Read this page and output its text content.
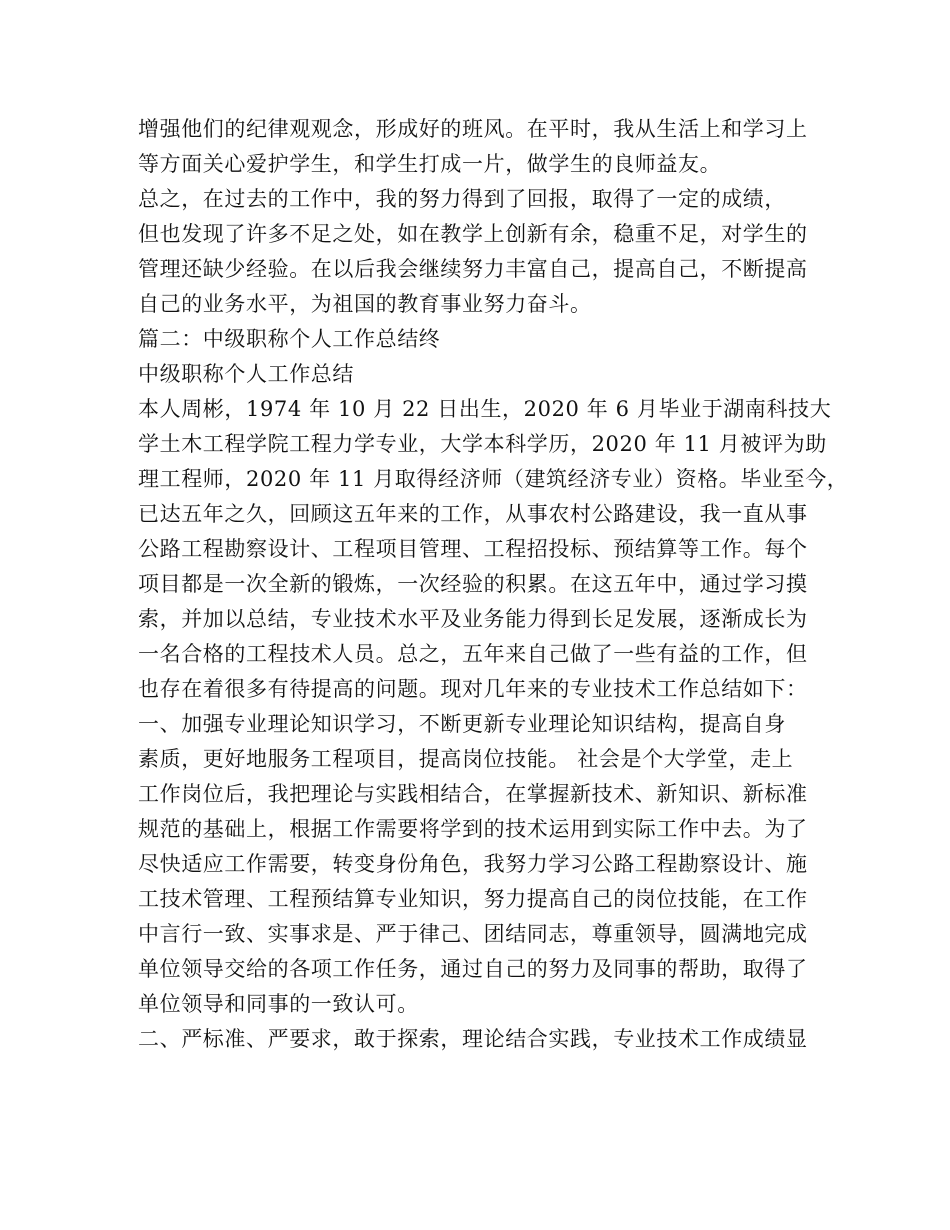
增强他们的纪律观观念，形成好的班风。在平时，我从生活上和学习上
等方面关心爱护学生，和学生打成一片，做学生的良师益友。
总之，在过去的工作中，我的努力得到了回报，取得了一定的成绩，
但也发现了许多不足之处，如在教学上创新有余，稳重不足，对学生的
管理还缺少经验。在以后我会继续努力丰富自己，提高自己，不断提高
自己的业务水平，为祖国的教育事业努力奋斗。
篇二：中级职称个人工作总结终
中级职称个人工作总结
本人周彬，1974 年 10 月 22 日出生，2020 年 6 月毕业于湖南科技大
学土木工程学院工程力学专业，大学本科学历，2020 年 11 月被评为助
理工程师，2020 年 11 月取得经济师（建筑经济专业）资格。毕业至今，
已达五年之久，回顾这五年来的工作，从事农村公路建设，我一直从事
公路工程勘察设计、工程项目管理、工程招投标、预结算等工作。每个
项目都是一次全新的锻炼，一次经验的积累。在这五年中，通过学习摸
索，并加以总结，专业技术水平及业务能力得到长足发展，逐渐成长为
一名合格的工程技术人员。总之，五年来自己做了一些有益的工作，但
也存在着很多有待提高的问题。现对几年来的专业技术工作总结如下：
一、加强专业理论知识学习，不断更新专业理论知识结构，提高自身
素质，更好地服务工程项目，提高岗位技能。 社会是个大学堂，走上
工作岗位后，我把理论与实践相结合，在掌握新技术、新知识、新标准
规范的基础上，根据工作需要将学到的技术运用到实际工作中去。为了
尽快适应工作需要，转变身份角色，我努力学习公路工程勘察设计、施
工技术管理、工程预结算专业知识，努力提高自己的岗位技能，在工作
中言行一致、实事求是、严于律己、团结同志，尊重领导，圆满地完成
单位领导交给的各项工作任务，通过自己的努力及同事的帮助，取得了
单位领导和同事的一致认可。
二、严标准、严要求，敢于探索，理论结合实践，专业技术工作成绩显
